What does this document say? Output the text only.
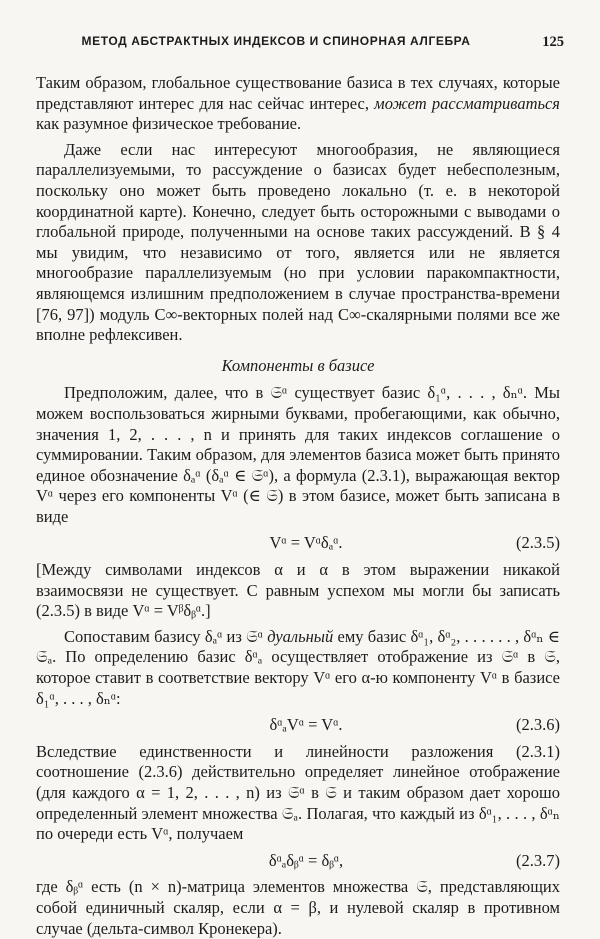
МЕТОД АБСТРАКТНЫХ ИНДЕКСОВ И СПИНОРНАЯ АЛГЕБРА	125

Таким образом, глобальное существование базиса в тех случаях, которые представляют интерес для нас сейчас интерес, может рассматриваться как разумное физическое требование.

Даже если нас интересуют многообразия, не являющиеся параллелизуемыми, то рассуждение о базисах будет небесполезным, поскольку оно может быть проведено локально (т. е. в некоторой координатной карте). Конечно, следует быть осторожными с выводами о глобальной природе, полученными на основе таких рассуждений. В § 4 мы увидим, что независимо от того, является или не является многообразие параллелизуемым (но при условии паракомпактности, являющемся излишним предположением в случае пространства-времени [76, 97]) модуль C∞-векторных полей над C∞-скалярными полями все же вполне рефлексивен.

Компоненты в базисе

Предположим, далее, что в 𝔖ᵅ существует базис δ₁ᵅ, . . . , δₙᵅ. Мы можем воспользоваться жирными буквами, пробегающими, как обычно, значения 1, 2, . . . , n и принять для таких индексов соглашение о суммировании. Таким образом, для элементов базиса может быть принято единое обозначение δₐᵅ (δₐᵅ ∈ 𝔖ᵅ), а формула (2.3.1), выражающая вектор Vᵅ через его компоненты Vᵅ (∈ 𝔖) в этом базисе, может быть записана в виде

Vᵅ = Vᵅδₐᵅ.	(2.3.5)

[Между символами индексов α и α в этом выражении никакой взаимосвязи не существует. С равным успехом мы могли бы записать (2.3.5) в виде Vᵅ = Vᵝδᵦᵅ.]

Сопоставим базису δₐᵅ из 𝔖ᵅ дуальный ему базис δᵅ₁, δᵅ₂, . . . . . . , δᵅₙ ∈ 𝔖ₐ. По определению базис δᵅₐ осуществляет отображение из 𝔖ᵅ в 𝔖, которое ставит в соответствие вектору Vᵅ его α-ю компоненту Vᵅ в базисе δ₁ᵅ, . . . , δₙᵅ:

δᵅₐVᵅ = Vᵅ.	(2.3.6)

Вследствие единственности и линейности разложения (2.3.1) соотношение (2.3.6) действительно определяет линейное отображение (для каждого α = 1, 2, . . . , n) из 𝔖ᵅ в 𝔖 и таким образом дает хорошо определенный элемент множества 𝔖ₐ. Полагая, что каждый из δᵅ₁, . . . , δᵅₙ по очереди есть Vᵅ, получаем

δᵅₐδᵦᵅ = δᵦᵅ,	(2.3.7)

где δᵦᵅ есть (n × n)-матрица элементов множества 𝔖, представляющих собой единичный скаляр, если α = β, и нулевой скаляр в противном случае (дельта-символ Кронекера).
